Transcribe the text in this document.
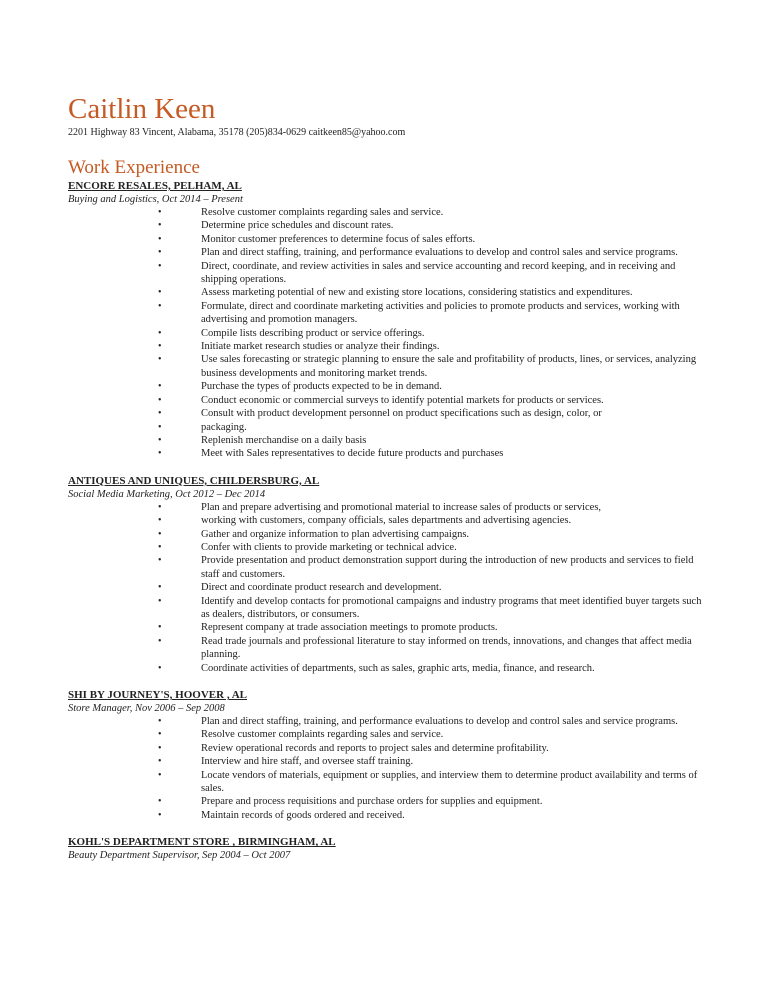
Caitlin Keen
2201 Highway 83 Vincent, Alabama, 35178 (205)834-0629 caitkeen85@yahoo.com
Work Experience
ENCORE RESALES, PELHAM, AL
Buying and Logistics, Oct 2014 – Present
•	Resolve customer complaints regarding sales and service.
•	Determine price schedules and discount rates.
•	Monitor customer preferences to determine focus of sales efforts.
•	Plan and direct staffing, training, and performance evaluations to develop and control sales and service programs.
•	Direct, coordinate, and review activities in sales and service accounting and record keeping, and in receiving and shipping operations.
•	Assess marketing potential of new and existing store locations, considering statistics and expenditures.
•	Formulate, direct and coordinate marketing activities and policies to promote products and services, working with advertising and promotion managers.
•	Compile lists describing product or service offerings.
•	Initiate market research studies or analyze their findings.
•	Use sales forecasting or strategic planning to ensure the sale and profitability of products, lines, or services, analyzing business developments and monitoring market trends.
•	Purchase the types of products expected to be in demand.
•	Conduct economic or commercial surveys to identify potential markets for products or services.
•	Consult with product development personnel on product specifications such as design, color, or
•	packaging.
•	Replenish merchandise on a daily basis
•	Meet with Sales representatives to decide future products and purchases
ANTIQUES AND UNIQUES, CHILDERSBURG, AL
Social Media Marketing, Oct 2012 – Dec 2014
•	Plan and prepare advertising and promotional material to increase sales of products or services,
•	working with customers, company officials, sales departments and advertising agencies.
•	Gather and organize information to plan advertising campaigns.
•	Confer with clients to provide marketing or technical advice.
•	Provide presentation and product demonstration support during the introduction of new products and services to field staff and customers.
•	Direct and coordinate product research and development.
•	Identify and develop contacts for promotional campaigns and industry programs that meet identified buyer targets such as dealers, distributors, or consumers.
•	Represent company at trade association meetings to promote products.
•	Read trade journals and professional literature to stay informed on trends, innovations, and changes that affect media planning.
•	Coordinate activities of departments, such as sales, graphic arts, media, finance, and research.
SHI BY JOURNEY'S, HOOVER , AL
Store Manager, Nov 2006 – Sep 2008
•	Plan and direct staffing, training, and performance evaluations to develop and control sales and service programs.
•	Resolve customer complaints regarding sales and service.
•	Review operational records and reports to project sales and determine profitability.
•	Interview and hire staff, and oversee staff training.
•	Locate vendors of materials, equipment or supplies, and interview them to determine product availability and terms of sales.
•	Prepare and process requisitions and purchase orders for supplies and equipment.
•	Maintain records of goods ordered and received.
KOHL'S DEPARTMENT STORE , BIRMINGHAM, AL
Beauty Department Supervisor, Sep 2004 – Oct 2007
